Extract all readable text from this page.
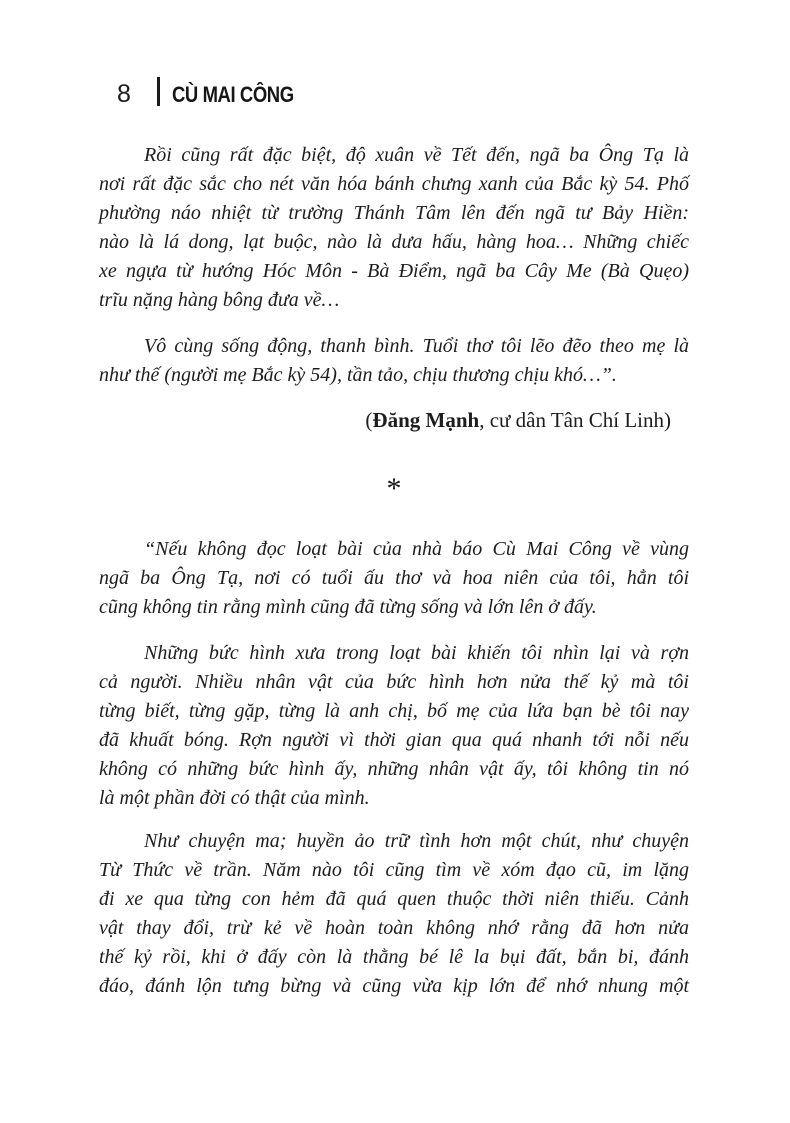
8 CÙ MAI CÔNG
Rồi cũng rất đặc biệt, độ xuân về Tết đến, ngã ba Ông Tạ là
nơi rất đặc sắc cho nét văn hóa bánh chưng xanh của Bắc kỳ 54. Phố
phường náo nhiệt từ trường Thánh Tâm lên đến ngã tư Bảy Hiền:
nào là lá dong, lạt buộc, nào là dưa hấu, hàng hoa… Những chiếc
xe ngựa từ hướng Hóc Môn - Bà Điểm, ngã ba Cây Me (Bà Quẹo)
trĩu nặng hàng bông đưa về…
Vô cùng sống động, thanh bình. Tuổi thơ tôi lẽo đẽo theo mẹ là
như thế (người mẹ Bắc kỳ 54), tần tảo, chịu thương chịu khó…”.
(Đăng Mạnh, cư dân Tân Chí Linh)
*
“Nếu không đọc loạt bài của nhà báo Cù Mai Công về vùng
ngã ba Ông Tạ, nơi có tuổi ấu thơ và hoa niên của tôi, hẳn tôi
cũng không tin rằng mình cũng đã từng sống và lớn lên ở đấy.
Những bức hình xưa trong loạt bài khiến tôi nhìn lại và rợn
cả người. Nhiều nhân vật của bức hình hơn nửa thế kỷ mà tôi
từng biết, từng gặp, từng là anh chị, bố mẹ của lứa bạn bè tôi nay
đã khuất bóng. Rợn người vì thời gian qua quá nhanh tới nỗi nếu
không có những bức hình ấy, những nhân vật ấy, tôi không tin nó
là một phần đời có thật của mình.
Như chuyện ma; huyền ảo trữ tình hơn một chút, như chuyện
Từ Thức về trần. Năm nào tôi cũng tìm về xóm đạo cũ, im lặng
đi xe qua từng con hẻm đã quá quen thuộc thời niên thiếu. Cảnh
vật thay đổi, trừ kẻ về hoàn toàn không nhớ rằng đã hơn nửa
thế kỷ rồi, khi ở đấy còn là thằng bé lê la bụi đất, bắn bi, đánh
đáo, đánh lộn tưng bừng và cũng vừa kịp lớn để nhớ nhung một
